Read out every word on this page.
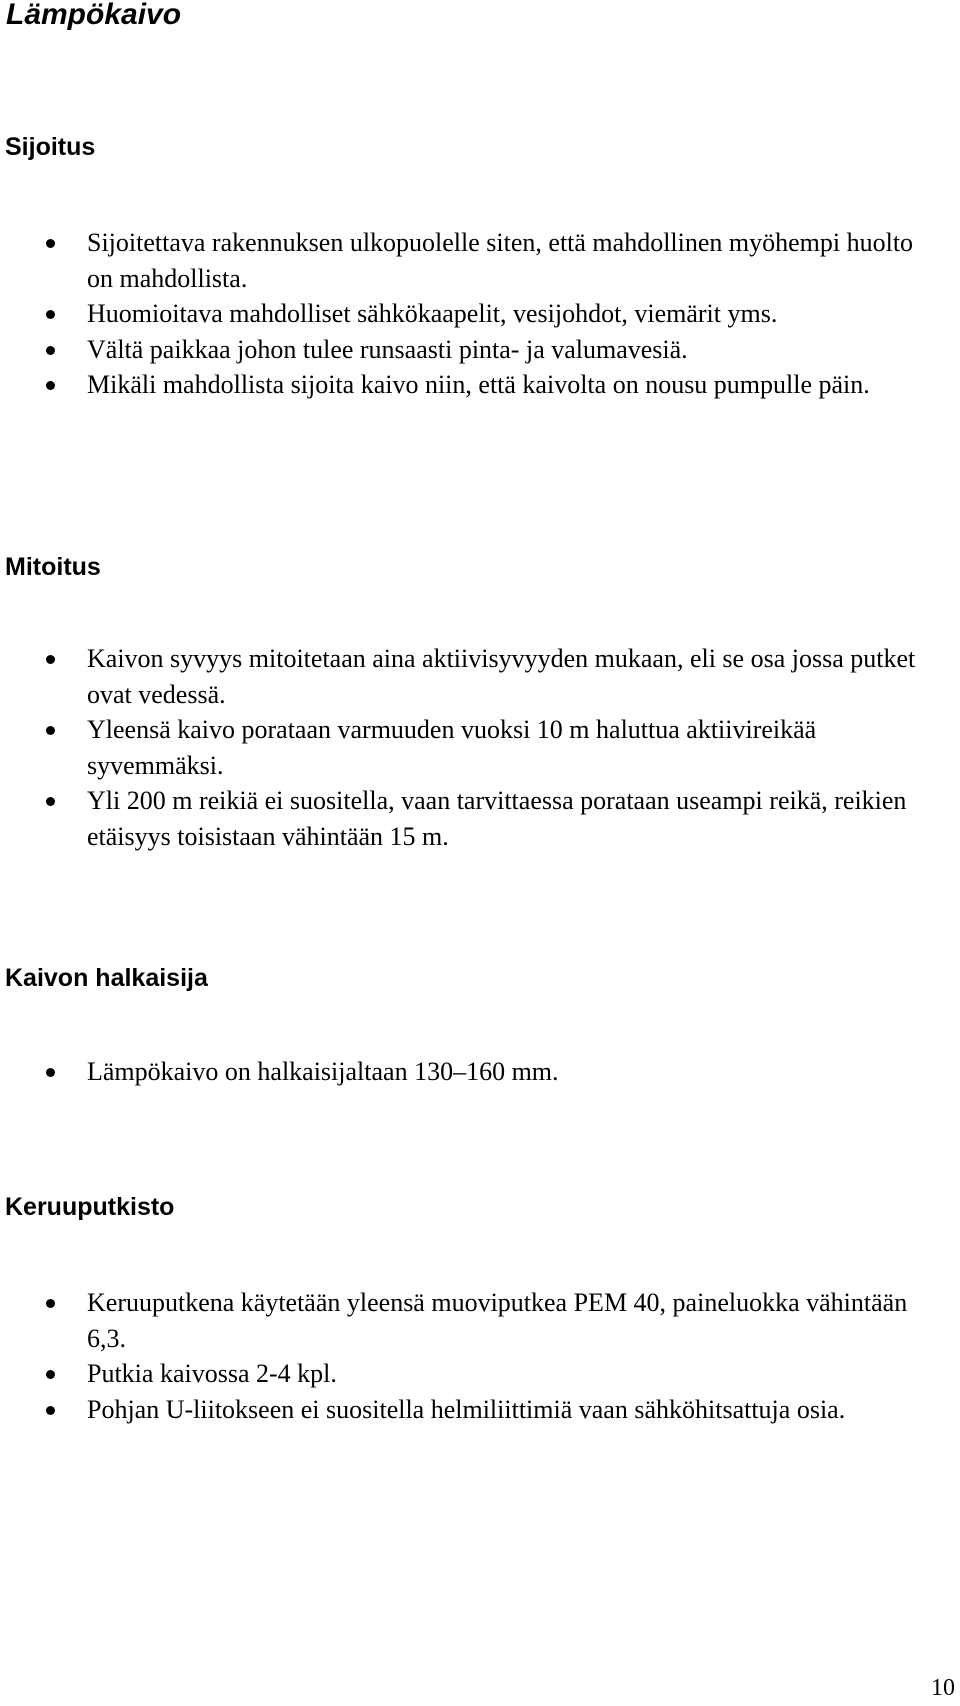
Lämpökaivo
Sijoitus
Sijoitettava rakennuksen ulkopuolelle siten, että mahdollinen myöhempi huolto on mahdollista.
Huomioitava mahdolliset sähkökaapelit, vesijohdot, viemärit yms.
Vältä paikkaa johon tulee runsaasti pinta- ja valumavesiä.
Mikäli mahdollista sijoita kaivo niin, että kaivolta on nousu pumpulle päin.
Mitoitus
Kaivon syvyys mitoitetaan aina aktiivisyvyyden mukaan, eli se osa jossa putket ovat vedessä.
Yleensä kaivo porataan varmuuden vuoksi 10 m haluttua aktiivireikää syvemmäksi.
Yli 200 m reikiä ei suositella, vaan tarvittaessa porataan useampi reikä, reikien etäisyys toisistaan vähintään 15 m.
Kaivon halkaisija
Lämpökaivo on halkaisijaltaan 130–160 mm.
Keruuputkisto
Keruuputkena käytetään yleensä muoviputkea PEM 40, paineluokka vähintään 6,3.
Putkia kaivossa 2-4 kpl.
Pohjan U-liitokseen ei suositella helmiliittimiä vaan sähköhitsattuja osia.
10
